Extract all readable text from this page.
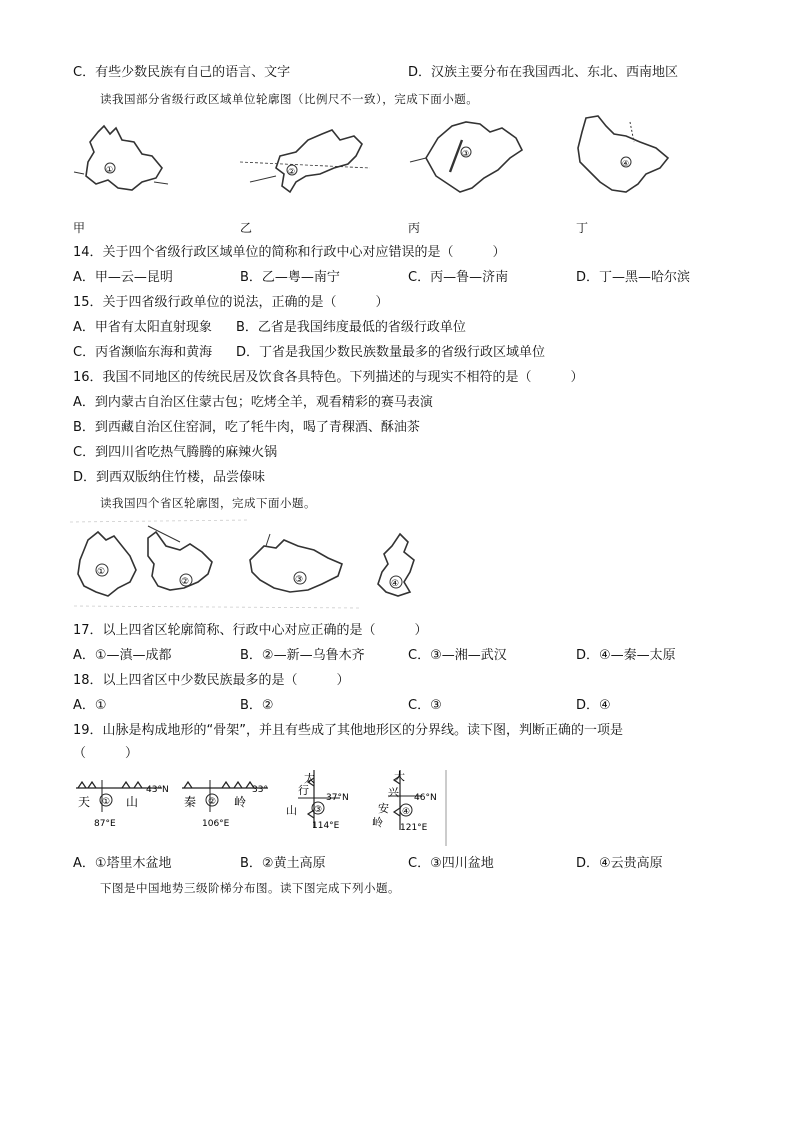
C．有些少数民族有自己的语言、文字	D．汉族主要分布在我国西北、东北、西南地区
读我国部分省级行政区域单位轮廓图（比例尺不一致），完成下面小题。
①	②
③
④
甲	乙	丙	丁
14．关于四个省级行政区域单位的简称和行政中心对应错误的是（　　　）
A．甲—云—昆明	B．乙—粤—南宁	C．丙—鲁—济南	D．丁—黑—哈尔滨
15．关于四省级行政单位的说法，正确的是（　　　）
A．甲省有太阳直射现象 B．乙省是我国纬度最低的省级行政单位
C．丙省濒临东海和黄海 D．丁省是我国少数民族数量最多的省级行政区域单位
16．我国不同地区的传统民居及饮食各具特色。下列描述的与现实不相符的是（　　　）
A．到内蒙古自治区住蒙古包；吃烤全羊，观看精彩的赛马表演
B．到西藏自治区住窑洞，吃了牦牛肉，喝了青稞酒、酥油茶
C．到四川省吃热气腾腾的麻辣火锅
D．到西双版纳住竹楼，品尝傣味
读我国四个省区轮廓图，完成下面小题。
①
②	③	④
17．以上四省区轮廓简称、行政中心对应正确的是（　　　）
A．①—滇—成都	B．②—新—乌鲁木齐	C．③—湘—武汉	D．④—秦—太原
18．以上四省区中少数民族最多的是（　　　）
A．①	B．②	C．③	D．④
19．山脉是构成地形的“骨架”，并且有些成了其他地形区的分界线。读下图，判断正确的一项是
（　　　）
天 ① 山
43°N
87°E
秦 ② 岭
33°
106°E
太
行
山 ③
37°N
114°E
大
兴
安
岭
④
46°N
121°E
A．①塔里木盆地	B．②黄土高原	C．③四川盆地	D．④云贵高原
下图是中国地势三级阶梯分布图。读下图完成下列小题。
